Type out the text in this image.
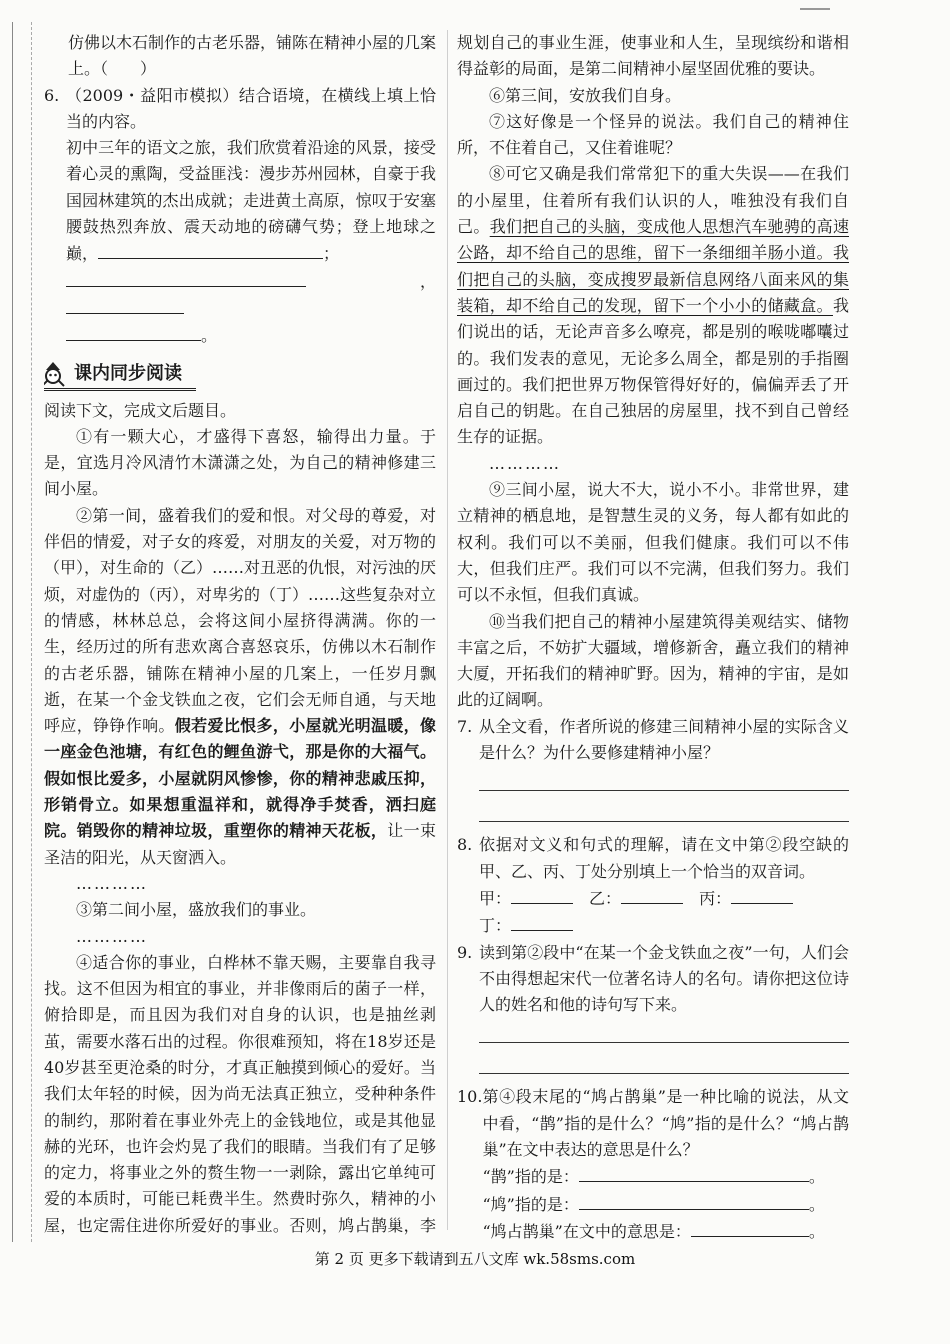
仿佛以木石制作的古老乐器，铺陈在精神小屋的几案上。（　　）

6. （2009・益阳市模拟）结合语境，在横线上填上恰当的内容。

初中三年的语文之旅，我们欣赏着沿途的风景，接受着心灵的熏陶，受益匪浅：漫步苏州园林，自豪于我国园林建筑的杰出成就；走进黄土高原，惊叹于安塞腰鼓热烈奔放、震天动地的磅礴气势；登上地球之巅，	；

，

。

课内同步阅读

阅读下文，完成文后题目。

①有一颗大心，才盛得下喜怒，输得出力量。于是，宜选月冷风清竹木潇潇之处，为自己的精神修建三间小屋。

②第一间，盛着我们的爱和恨。对父母的尊爱，对伴侣的情爱，对子女的疼爱，对朋友的关爱，对万物的（甲），对生命的（乙）……对丑恶的仇恨，对污浊的厌烦，对虚伪的（丙），对卑劣的（丁）……这些复杂对立的情感，林林总总，会将这间小屋挤得满满。你的一生，经历过的所有悲欢离合喜怒哀乐，仿佛以木石制作的古老乐器，铺陈在精神小屋的几案上，一任岁月飘逝，在某一个金戈铁血之夜，它们会无师自通，与天地呼应，铮铮作响。假若爱比恨多，小屋就光明温暖，像一座金色池塘，有红色的鲤鱼游弋，那是你的大福气。假如恨比爱多，小屋就阴风惨惨，你的精神悲戚压抑，形销骨立。如果想重温祥和，就得净手焚香，洒扫庭院。销毁你的精神垃圾，重塑你的精神天花板，让一束圣洁的阳光，从天窗洒入。

…………

③第二间小屋，盛放我们的事业。

…………

④适合你的事业，白桦林不靠天赐，主要靠自我寻找。这不但因为相宜的事业，并非像雨后的菌子一样，俯拾即是，而且因为我们对自身的认识，也是抽丝剥茧，需要水落石出的过程。你很难预知，将在18岁还是40岁甚至更沧桑的时分，才真正触摸到倾心的爱好。当我们太年轻的时候，因为尚无法真正独立，受种种条件的制约，那附着在事业外壳上的金钱地位，或是其他显赫的光环，也许会灼晃了我们的眼睛。当我们有了足够的定力，将事业之外的赘生物一一剥除，露出它单纯可爱的本质时，可能已耗费半生。然费时弥久，精神的小屋，也定需住进你所爱好的事业。否则，鸠占鹊巢，李

规划自己的事业生涯，使事业和人生，呈现缤纷和谐相得益彰的局面，是第二间精神小屋坚固优雅的要诀。

⑥第三间，安放我们自身。

⑦这好像是一个怪异的说法。我们自己的精神住所，不住着自己，又住着谁呢？

⑧可它又确是我们常常犯下的重大失误——在我们的小屋里，住着所有我们认识的人，唯独没有我们自己。我们把自己的头脑，变成他人思想汽车驰骋的高速公路，却不给自己的思维，留下一条细细羊肠小道。我们把自己的头脑，变成搜罗最新信息网络八面来风的集装箱，却不给自己的发现，留下一个小小的储藏盒。我们说出的话，无论声音多么嘹亮，都是别的喉咙嘟囔过的。我们发表的意见，无论多么周全，都是别的手指圈画过的。我们把世界万物保管得好好的，偏偏弄丢了开启自己的钥匙。在自己独居的房屋里，找不到自己曾经生存的证据。

…………

⑨三间小屋，说大不大，说小不小。非常世界，建立精神的栖息地，是智慧生灵的义务，每人都有如此的权利。我们可以不美丽，但我们健康。我们可以不伟大，但我们庄严。我们可以不完满，但我们努力。我们可以不永恒，但我们真诚。

⑩当我们把自己的精神小屋建筑得美观结实、储物丰富之后，不妨扩大疆域，增修新舍，矗立我们的精神大厦，开拓我们的精神旷野。因为，精神的宇宙，是如此的辽阔啊。

7. 从全文看，作者所说的修建三间精神小屋的实际含义是什么？为什么要修建精神小屋？

8. 依据对文义和句式的理解，请在文中第②段空缺的甲、乙、丙、丁处分别填上一个恰当的双音词。

甲：　	乙：　	丙：

丁：

9. 读到第②段中“在某一个金戈铁血之夜”一句，人们会不由得想起宋代一位著名诗人的名句。请你把这位诗人的姓名和他的诗句写下来。

10. 第④段末尾的“鸠占鹊巢”是一种比喻的说法，从文中看，“鹊”指的是什么？“鸠”指的是什么？“鸠占鹊巢”在文中表达的意思是什么？

“鹊”指的是：	。

“鸠”指的是：	。

“鸠占鹊巢”在文中的意思是：	。

第 2 页 更多下载请到五八文库 wk.58sms.com
